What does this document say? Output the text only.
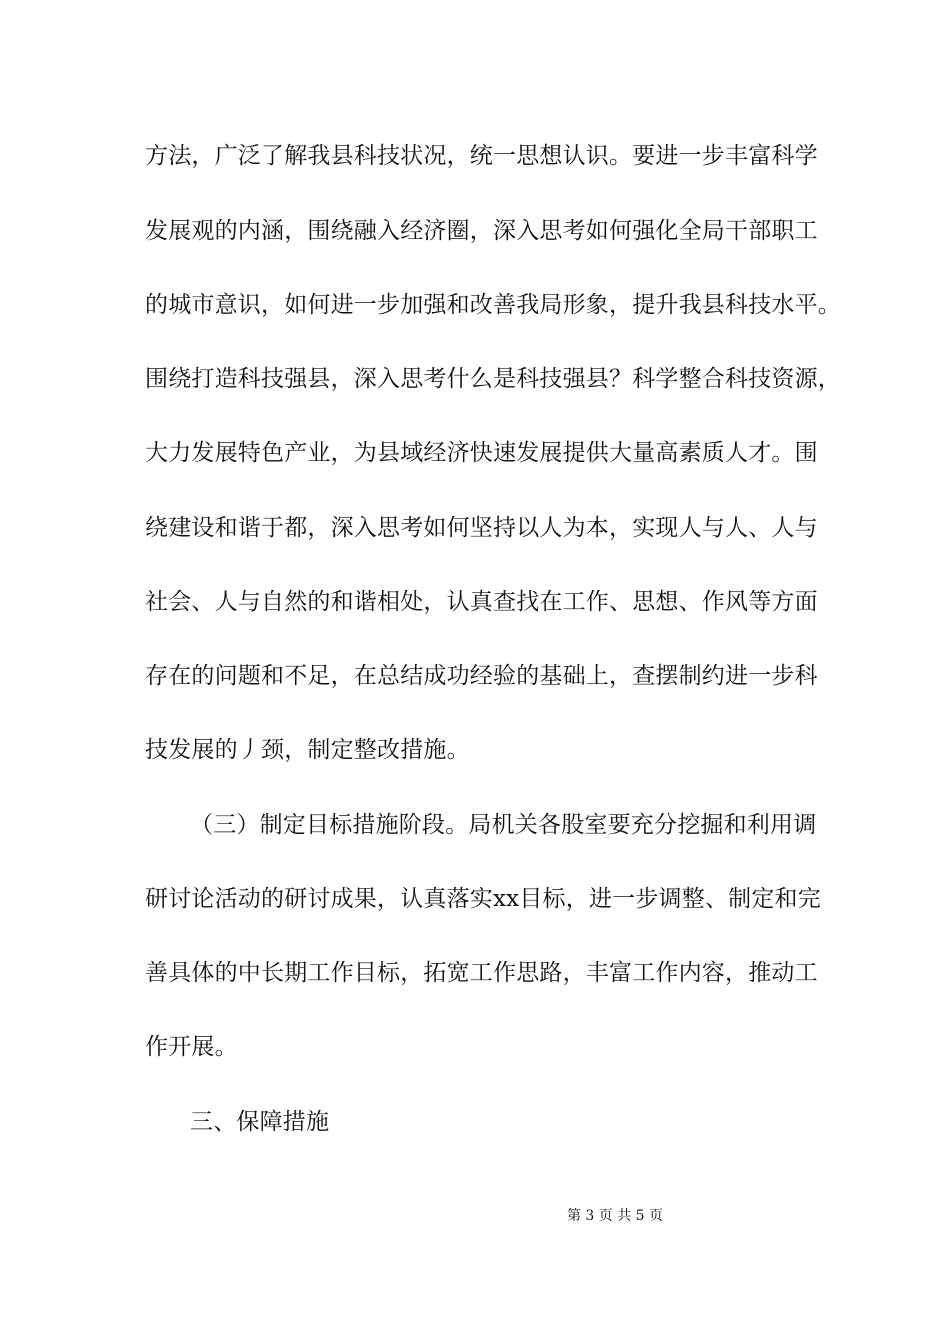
方法，广泛了解我县科技状况，统一思想认识。要进一步丰富科学
发展观的内涵，围绕融入经济圈，深入思考如何强化全局干部职工
的城市意识，如何进一步加强和改善我局形象，提升我县科技水平。
围绕打造科技强县，深入思考什么是科技强县？科学整合科技资源，
大力发展特色产业，为县域经济快速发展提供大量高素质人才。围
绕建设和谐于都，深入思考如何坚持以人为本，实现人与人、人与
社会、人与自然的和谐相处，认真查找在工作、思想、作风等方面
存在的问题和不足，在总结成功经验的基础上，查摆制约进一步科
技发展的丿颈，制定整改措施。
（三）制定目标措施阶段。局机关各股室要充分挖掘和利用调
研讨论活动的研讨成果，认真落实xx目标，进一步调整、制定和完
善具体的中长期工作目标，拓宽工作思路，丰富工作内容，推动工
作开展。
三、保障措施
第 3 页 共 5 页
